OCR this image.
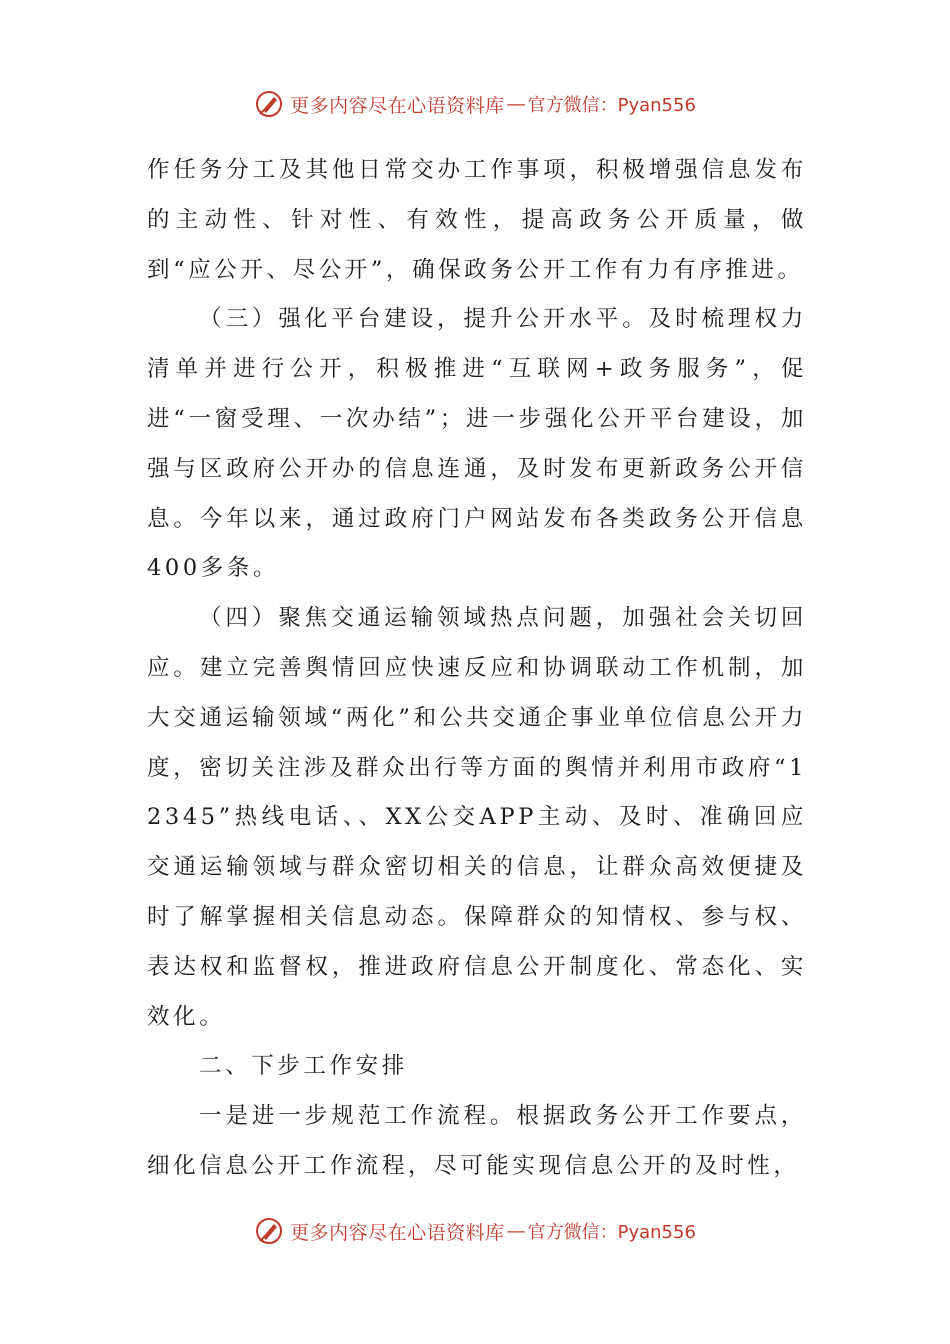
更多内容尽在心语资料库 — 官方微信：Pyan556

作任务分工及其他日常交办工作事项，积极增强信息发布的主动性、针对性、有效性，提高政务公开质量，做到“应公开、尽公开”，确保政务公开工作有力有序推进。

（三）强化平台建设，提升公开水平。及时梳理权力清单并进行公开，积极推进“互联网+政务服务”，促进“一窗受理、一次办结”；进一步强化公开平台建设，加强与区政府公开办的信息连通，及时发布更新政务公开信息。今年以来，通过政府门户网站发布各类政务公开信息400多条。

（四）聚焦交通运输领域热点问题，加强社会关切回应。建立完善舆情回应快速反应和协调联动工作机制，加大交通运输领域“两化”和公共交通企事业单位信息公开力度，密切关注涉及群众出行等方面的舆情并利用市政府“12345”热线电话、、XX公交APP主动、及时、准确回应交通运输领域与群众密切相关的信息，让群众高效便捷及时了解掌握相关信息动态。保障群众的知情权、参与权、表达权和监督权，推进政府信息公开制度化、常态化、实效化。

二、下步工作安排

一是进一步规范工作流程。根据政务公开工作要点，细化信息公开工作流程，尽可能实现信息公开的及时性，

更多内容尽在心语资料库 — 官方微信：Pyan556
